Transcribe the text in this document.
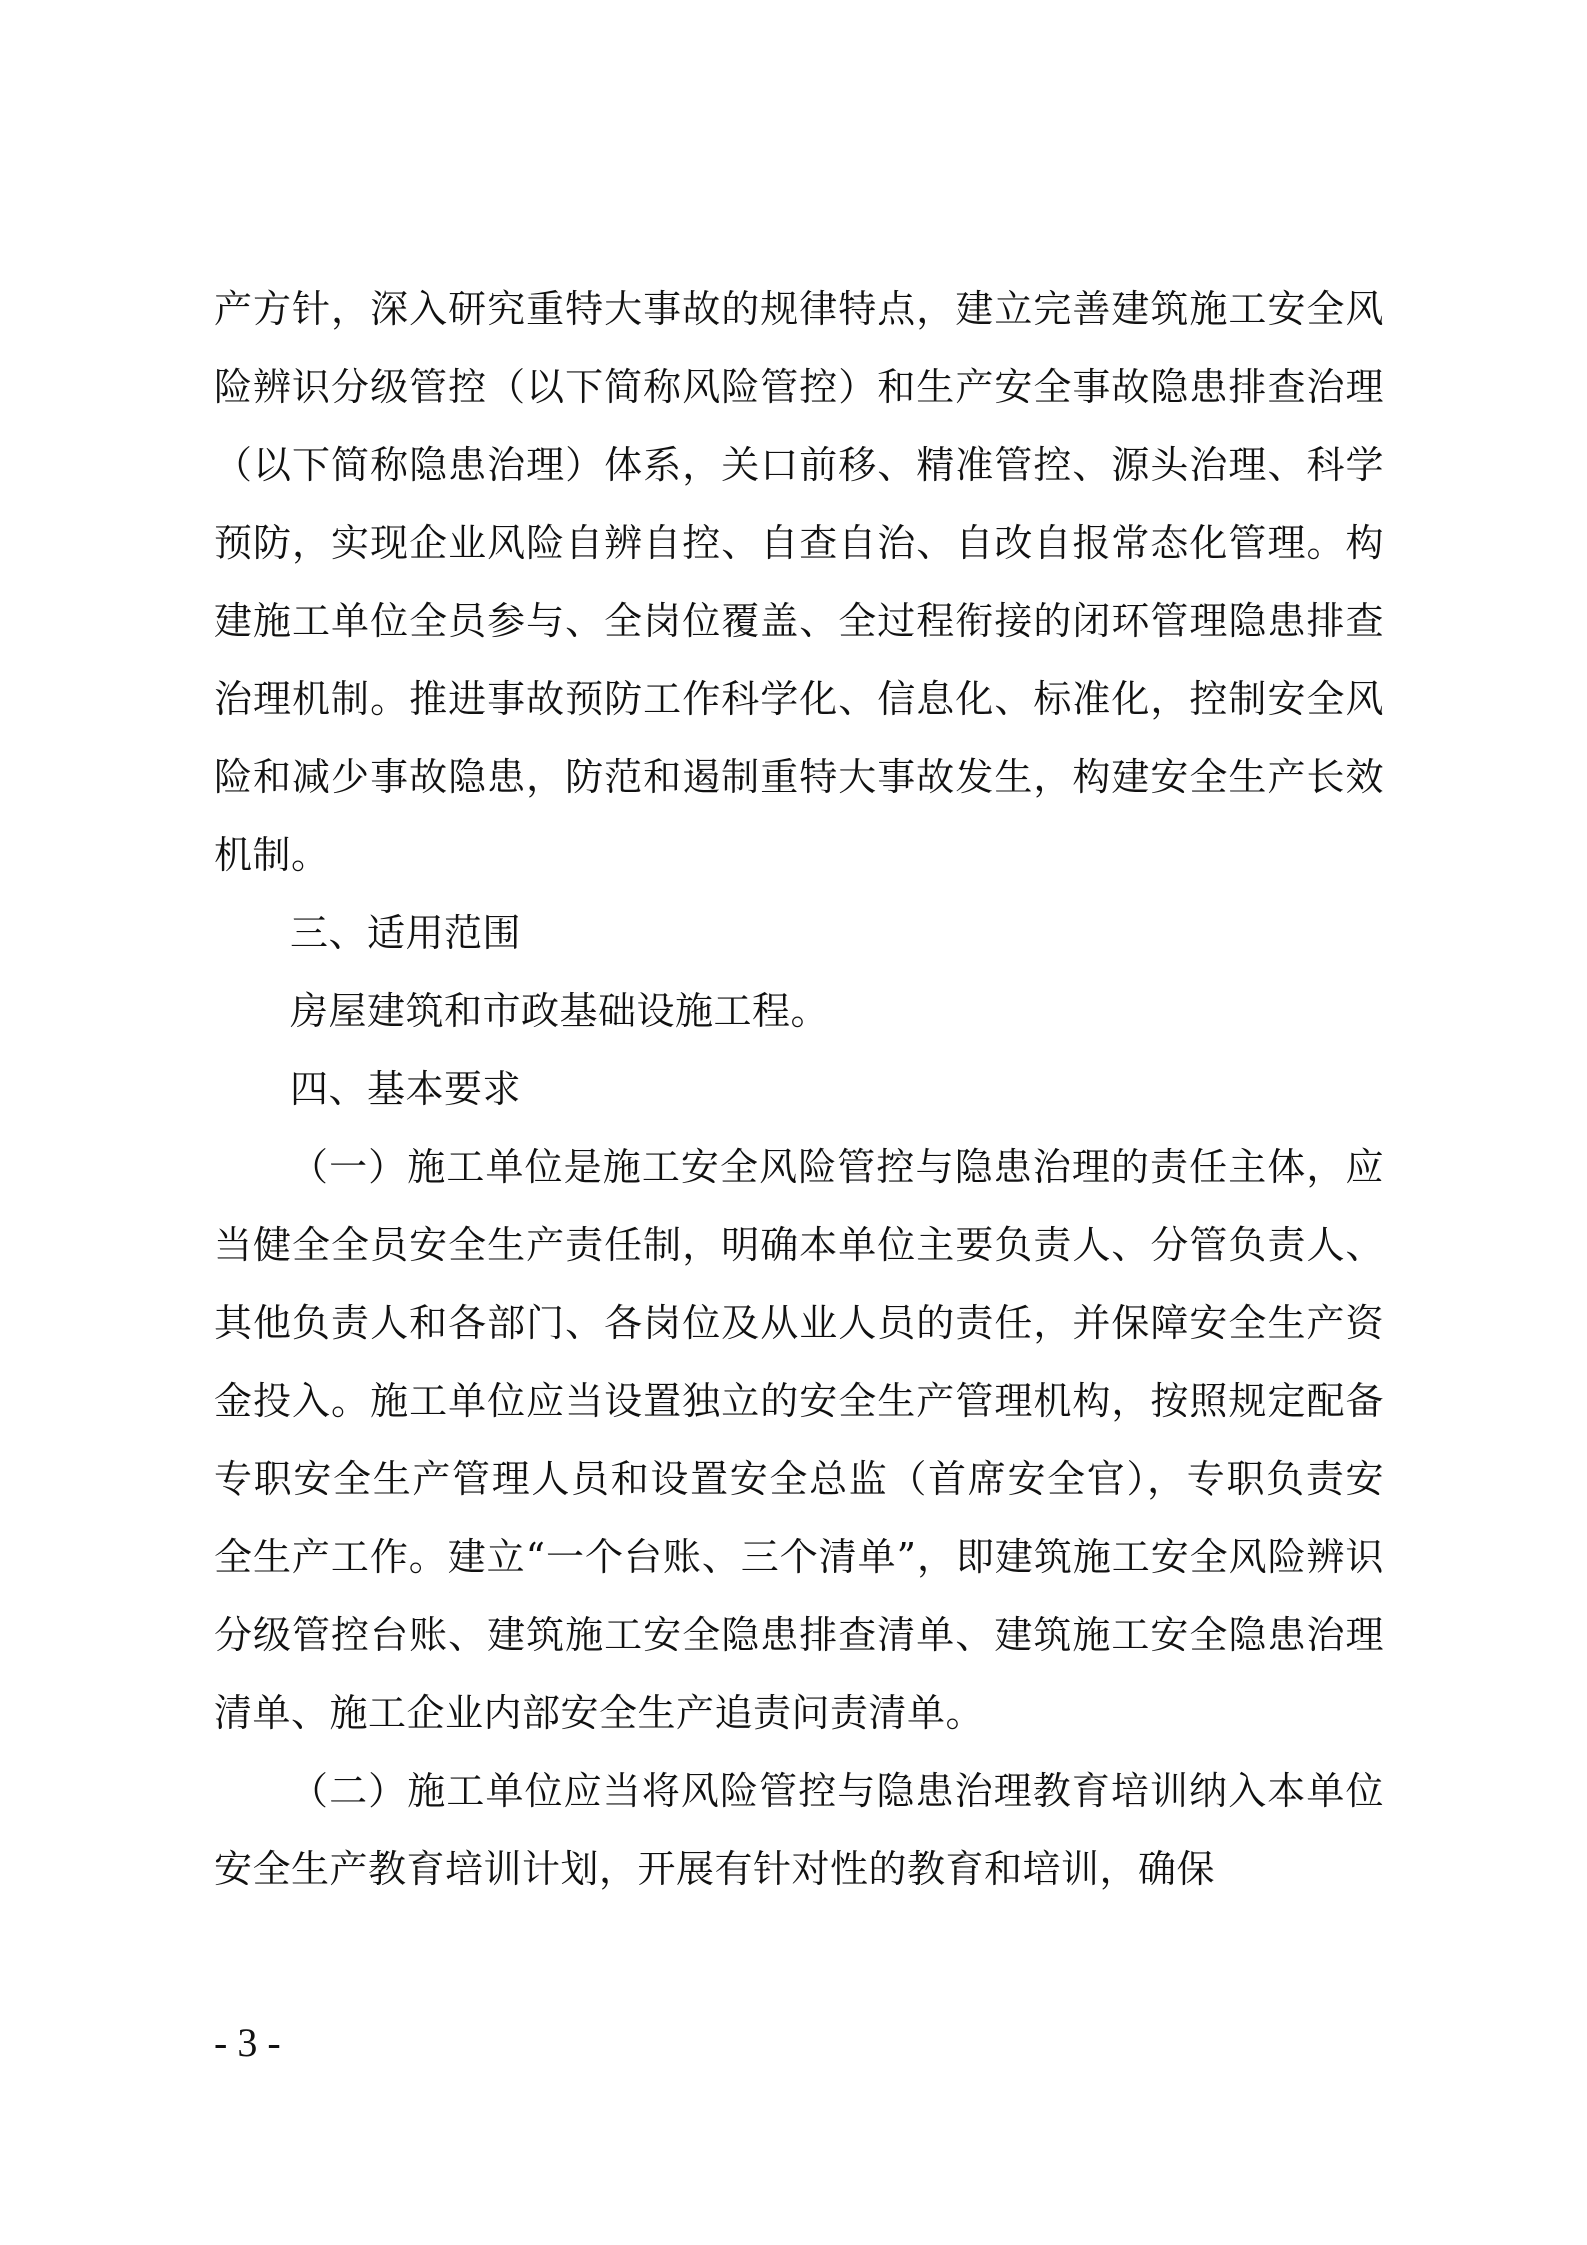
产方针，深入研究重特大事故的规律特点，建立完善建筑施工安全风险辨识分级管控（以下简称风险管控）和生产安全事故隐患排查治理（以下简称隐患治理）体系，关口前移、精准管控、源头治理、科学预防，实现企业风险自辨自控、自查自治、自改自报常态化管理。构建施工单位全员参与、全岗位覆盖、全过程衔接的闭环管理隐患排查治理机制。推进事故预防工作科学化、信息化、标准化，控制安全风险和减少事故隐患，防范和遏制重特大事故发生，构建安全生产长效机制。

三、适用范围

房屋建筑和市政基础设施工程。

四、基本要求

（一）施工单位是施工安全风险管控与隐患治理的责任主体，应当健全全员安全生产责任制，明确本单位主要负责人、分管负责人、其他负责人和各部门、各岗位及从业人员的责任，并保障安全生产资金投入。施工单位应当设置独立的安全生产管理机构，按照规定配备专职安全生产管理人员和设置安全总监（首席安全官），专职负责安全生产工作。建立“一个台账、三个清单”，即建筑施工安全风险辨识分级管控台账、建筑施工安全隐患排查清单、建筑施工安全隐患治理清单、施工企业内部安全生产追责问责清单。

（二）施工单位应当将风险管控与隐患治理教育培训纳入本单位安全生产教育培训计划，开展有针对性的教育和培训，确保

- 3 -
